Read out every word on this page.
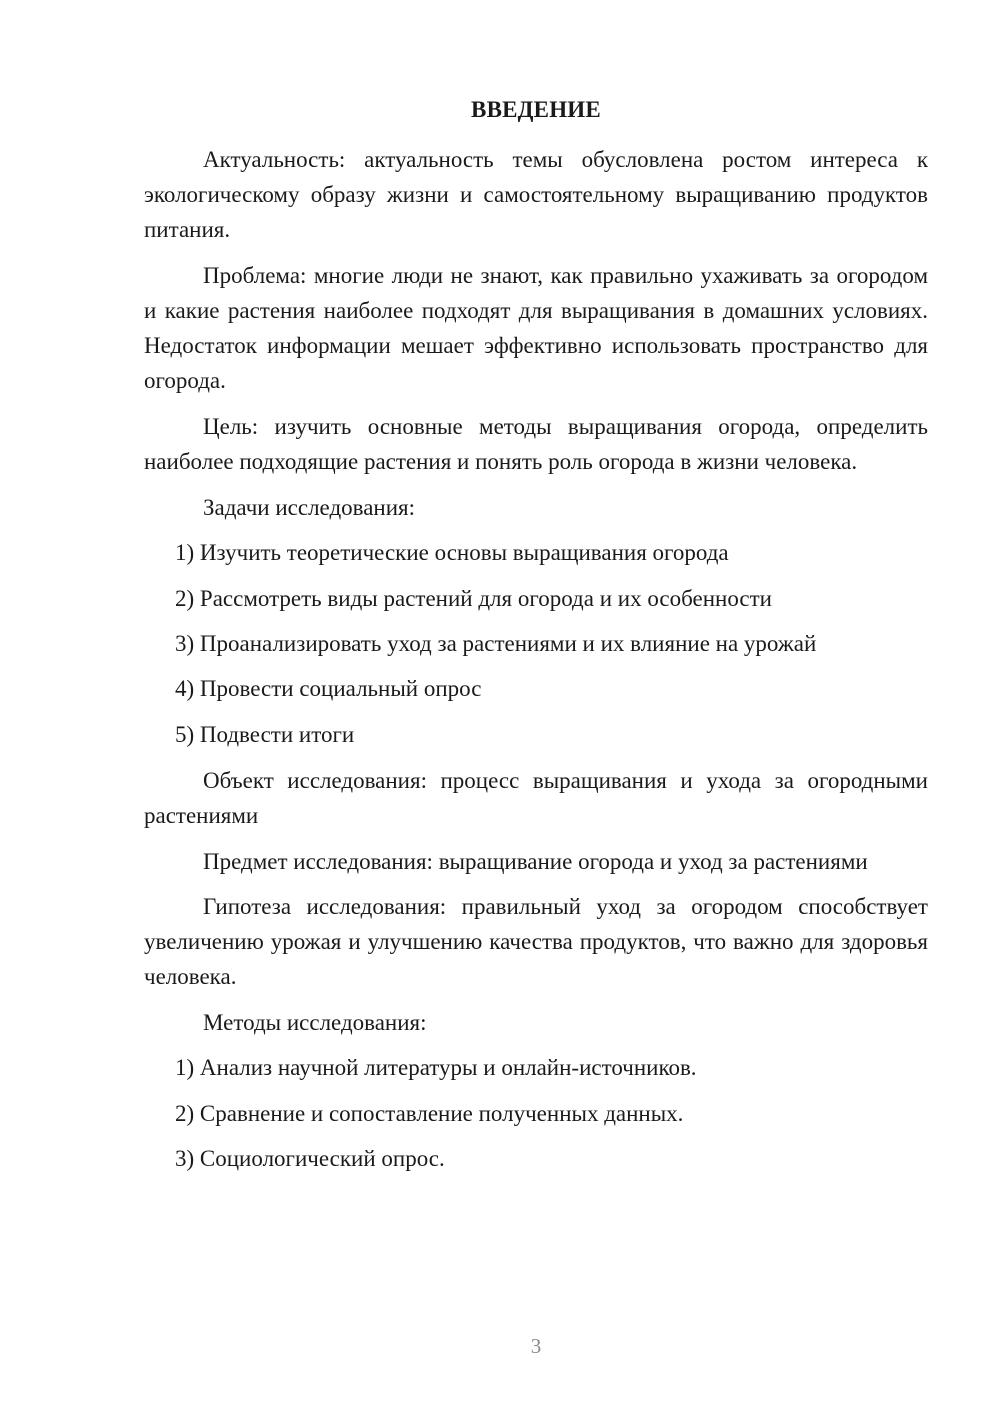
ВВЕДЕНИЕ

Актуальность: актуальность темы обусловлена ростом интереса к экологическому образу жизни и самостоятельному выращиванию продуктов питания.

Проблема: многие люди не знают, как правильно ухаживать за огородом и какие растения наиболее подходят для выращивания в домашних условиях. Недостаток информации мешает эффективно использовать пространство для огорода.

Цель: изучить основные методы выращивания огорода, определить наиболее подходящие растения и понять роль огорода в жизни человека.

Задачи исследования:
1) Изучить теоретические основы выращивания огорода
2) Рассмотреть виды растений для огорода и их особенности
3) Проанализировать уход за растениями и их влияние на урожай
4) Провести социальный опрос
5) Подвести итоги

Объект исследования: процесс выращивания и ухода за огородными растениями

Предмет исследования: выращивание огорода и уход за растениями

Гипотеза исследования: правильный уход за огородом способствует увеличению урожая и улучшению качества продуктов, что важно для здоровья человека.

Методы исследования:
1) Анализ научной литературы и онлайн-источников.
2) Сравнение и сопоставление полученных данных.
3) Социологический опрос.
3
